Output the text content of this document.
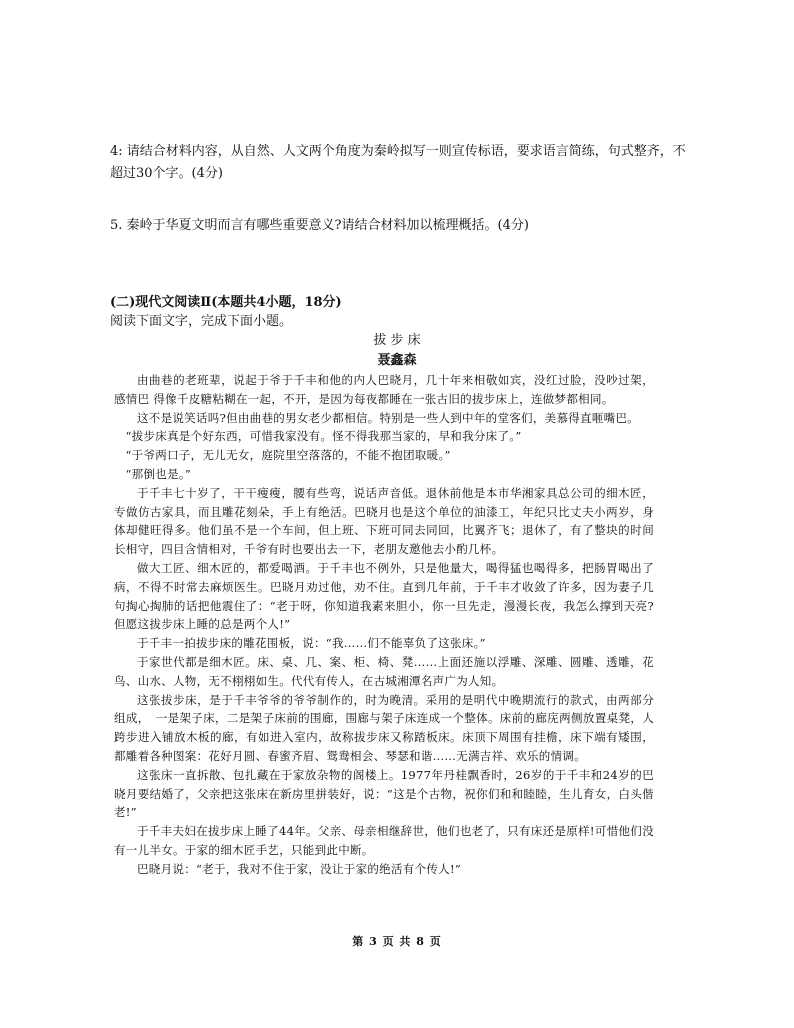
4: 请结合材料内容，从自然、人文两个角度为秦岭拟写一则宣传标语，要求语言简练，句式整齐，不超过30个字。(4分)
5. 秦岭于华夏文明而言有哪些重要意义?请结合材料加以梳理概括。(4分)
(二)现代文阅读Ⅱ(本题共4小题，18分)
阅读下面文字，完成下面小题。
拔 步 床
聂鑫森

由曲巷的老班辈，说起于爷于千丰和他的内人巴晓月，几十年来相敬如宾，没红过脸，没吵过架，感情巴 得像千皮糖粘糊在一起，不开，是因为每夜都睡在一张古旧的拔步床上，连做梦都相同。

这不是说笑话吗?但由曲巷的男女老少都相信。特别是一些人到中年的堂客们，美慕得直咂嘴巴。

“拔步床真是个好东西，可惜我家没有。怪不得我那当家的，早和我分床了。”

“于爷两口子，无儿无女，庭院里空落落的，不能不抱团取暖。”

“那倒也是。”

于千丰七十岁了，干干瘦瘦，腰有些弯，说话声音低。退休前他是本市华湘家具总公司的细木匠，专做仿古家具，而且雕花刻朵，手上有绝活。巴晓月也是这个单位的油漆工，年纪只比丈夫小两岁，身体却健旺得多。他们虽不是一个车间，但上班、下班可同去同回，比翼齐飞；退休了，有了整块的时间长相守，四目含情相对，千爷有时也要出去一下，老朋友邀他去小酌几杯。

做大工匠、细木匠的，都爱喝酒。于千丰也不例外，只是他量大，喝得猛也喝得多，把肠胃喝出了病，不得不时常去麻烦医生。巴晓月劝过他，劝不住。直到几年前，于千丰才收敛了许多，因为妻子几句掏心掏肺的话把他震住了：“老于呀，你知道我素来胆小，你一旦先走，漫漫长夜，我怎么撑到天亮?但愿这拔步床上睡的总是两个人!”

于千丰一拍拔步床的雕花围板，说：“我……们不能辜负了这张床。”

于家世代都是细木匠。床、桌、几、案、柜、椅、凳……上面还施以浮雕、深雕、圆雕、透雕，花鸟、山水、人物，无不栩栩如生。代代有传人，在古城湘潭名声广为人知。

这张拔步床，是于千丰爷爷的爷爷制作的，时为晚清。采用的是明代中晚期流行的款式，由两部分组成，　一是架子床，二是架子床前的围廊，围廊与架子床连成一个整体。床前的廊庑两侧放置桌凳，人跨步进入铺放木板的廊，有如进入室内，故称拔步床又称踏板床。床顶下周围有挂檐，床下端有矮围，都雕着各种图案：花好月圆、春蜜齐眉、鸳鸯相会、琴瑟和谐……无满吉祥、欢乐的情调。

这张床一直拆散、包扎藏在于家放杂物的阁楼上。1977年丹桂飘香时，26岁的于千丰和24岁的巴晓月要结婚了，父亲把这张床在新房里拼装好，说：“这是个古物，祝你们和和睦睦，生儿育女，白头偕老!”

于千丰夫妇在拔步床上睡了44年。父亲、母亲相继辞世，他们也老了，只有床还是原样!可惜他们没有一儿半女。于家的细木匠手艺，只能到此中断。

巴晓月说：“老于，我对不住于家，没让于家的绝活有个传人!”

第 3 页 共 8 页
